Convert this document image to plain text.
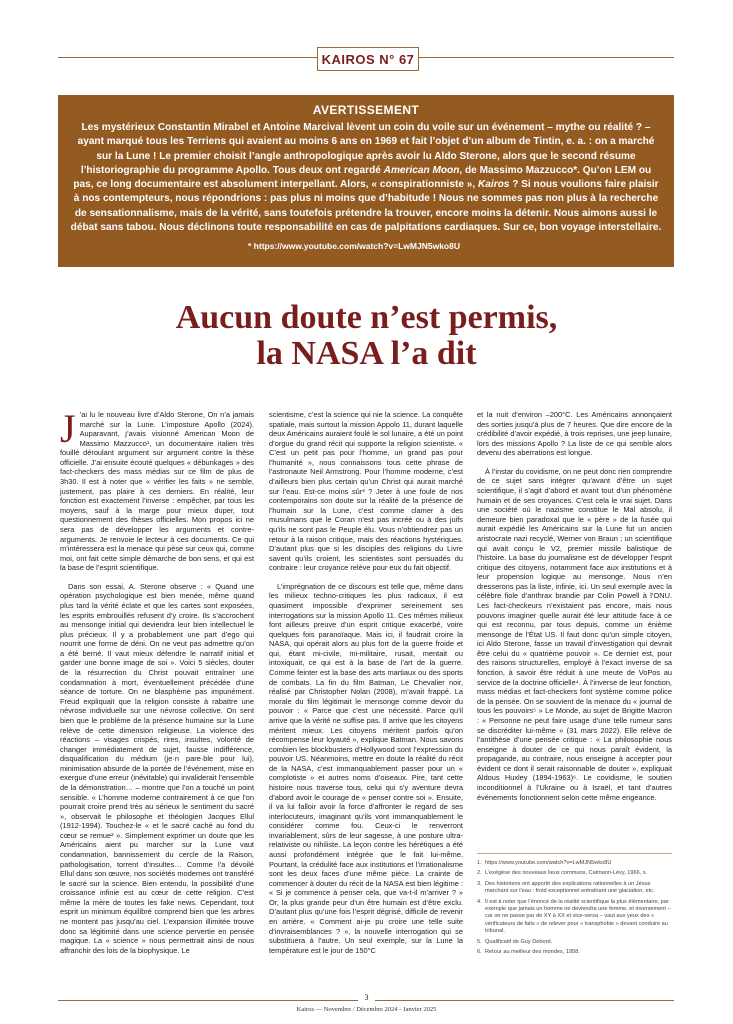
KAIROS N° 67
AVERTISSEMENT
Les mystérieux Constantin Mirabel et Antoine Marcival lèvent un coin du voile sur un événement – mythe ou réalité ? – ayant marqué tous les Terriens qui avaient au moins 6 ans en 1969 et fait l’objet d’un album de Tintin, e. a. : on a marché sur la Lune ! Le premier choisit l’angle anthropologique après avoir lu Aldo Sterone, alors que le second résume l’historiographie du programme Apollo. Tous deux ont regardé American Moon, de Massimo Mazzucco*. Qu’on LEM ou pas, ce long documentaire est absolument interpellant. Alors, « conspirationniste », Kairos ? Si nous voulions faire plaisir à nos contempteurs, nous répondrions : pas plus ni moins que d’habitude ! Nous ne sommes pas non plus à la recherche de sensationnalisme, mais de la vérité, sans toutefois prétendre la trouver, encore moins la détenir. Nous aimons aussi le débat sans tabou. Nous déclinons toute responsabilité en cas de palpitations cardiaques. Sur ce, bon voyage interstellaire.
* https://www.youtube.com/watch?v=LwMJN5wko8U
Aucun doute n’est permis,
la NASA l’a dit

J ’ai lu le nouveau livre d’Aldo Sterone, On n’a jamais marché sur la Lune. L’imposture Apollo (2024). Auparavant, j’avais visionné American Moon de Massimo Mazzucco¹, un documentaire italien très fouillé déroulant argument sur argument contre la thèse officielle. J’ai ensuite écouté quelques « débunkages » des fact-checkers des mass médias sur ce film de plus de 3h30. Il est à noter que « vérifier les faits » ne semble, justement, pas plaire à ces derniers. En réalité, leur fonction est exactement l’inverse : empêcher, par tous les moyens, sauf à la marge pour mieux duper, tout questionnement des thèses officielles. Mon propos ici ne sera pas de développer les arguments et contre-arguments. Je renvoie le lecteur à ces documents. Ce qui m’intéressera est la menace qui pèse sur ceux qui, comme moi, ont fait cette simple démarche de bon sens, et qui est la base de l’esprit scientifique.

Dans son essai, A. Sterone observe : « Quand une opération psychologique est bien menée, même quand plus tard la vérité éclate et que les cartes sont exposées, les esprits embrouillés refusent d’y croire. Ils s’accrochent au mensonge initial qui deviendra leur bien intellectuel le plus précieux. Il y a probablement une part d’ego qui nourrit une forme de déni. On ne veut pas admettre qu’on a été berné. Il vaut mieux défendre le narratif initial et garder une bonne image de soi ». Voici 5 siècles, douter de la résurrection du Christ pouvait entraîner une condamnation à mort, éventuellement précédée d’une séance de torture. On ne blasphème pas impunément. Freud expliquait que la religion consiste à rabattre une névrose individuelle sur une névrose collective. On sent bien que le problème de la présence humaine sur la Lune relève de cette dimension religieuse. La violence des réactions – visages crispés, rires, insultes, volonté de changer immédiatement de sujet, fausse indifférence, disqualification du médium (je·n pare·ble pour lui), minimisation absurde de la portée de l’événement, mise en exergue d’une erreur (inévitable) qui invaliderait l’ensemble de la démonstration… – montre que l’on a touché un point sensible. « L’homme moderne contrairement à ce que l’on pourrait croire prend très au sérieux le sentiment du sacré », observait le philosophe et théologien Jacques Ellul (1912-1994). Touchez-le « et le sacré caché au fond du cœur se remue² ». Simplement exprimer un doute que les Américains aient pu marcher sur la Lune vaut condamnation, bannissement du cercle de la Raison, pathologisation, torrent d’insultes… Comme l’a dévoilé Ellul dans son œuvre, nos sociétés modernes ont transféré le sacré sur la science. Bien entendu, la possibilité d’une croissance infinie est au cœur de cette religion. C’est même la mère de toutes les fake news. Cependant, tout esprit un minimum équilibré comprend bien que les arbres ne montent pas jusqu’au ciel. L’expansion illimitée trouve donc sa légitimité dans une science pervertie en pensée magique. La « science » nous permettrait ainsi de nous affranchir des lois de la biophysique. Le

scientisme, c’est la science qui nie la science. La conquête spatiale, mais surtout la mission Appolo 11, durant laquelle deux Américains auraient foulé le sol lunaire, a été un point d’orgue du grand récit qui supporte la religion scientiste. « C’est un petit pas pour l’homme, un grand pas pour l’humanité », nous connaissons tous cette phrase de l’astronaute Neil Armstrong. Pour l’homme moderne, c’est d’ailleurs bien plus certain qu’un Christ qui aurait marché sur l’eau. Est-ce moins sûr³ ? Jeter à une foule de nos contemporains son doute sur la réalité de la présence de l’humain sur la Lune, c’est comme clamer à des musulmans que le Coran n’est pas incréé ou à des juifs qu’ils ne sont pas le Peuple élu. Vous n’obtiendrez pas un retour à la raison critique, mais des réactions hystériques. D’autant plus que si les disciples des religions du Livre savent qu’ils croient, les scientistes sont persuadés du contraire : leur croyance relève pour eux du fait objectif.

L’imprégnation de ce discours est telle que, même dans les milieux techno-critiques les plus radicaux, il est quasiment impossible d’exprimer sereinement ses interrogations sur la mission Apollo 11. Ces mêmes milieux font ailleurs preuve d’un esprit critique exacerbé, voire quelques fois paranoïaque. Mais ici, il faudrait croire la NASA, qui opérait alors au plus fort de la guerre froide et qui, étant mi-civile, mi-militaire, rusait, mentait ou intoxiquait, ce qui est à la base de l’art de la guerre. Comme feinter est la base des arts martiaux ou des sports de combats. La fin du film Batman, Le Chevalier noir, réalisé par Christopher Nolan (2008), m’avait frappé. La morale du film légitimait le mensonge comme devoir du pouvoir : « Parce que c’est une nécessité. Parce qu’il arrive que la vérité ne suffise pas. Il arrive que les citoyens méritent mieux. Les citoyens méritent parfois qu’on récompense leur loyauté », explique Batman. Nous savons combien les blockbusters d’Hollywood sont l’expression du pouvoir US. Néanmoins, mettre en doute la réalité du récit de la NASA, c’est immanquablement passer pour un « complotiste » et autres noms d’oiseaux. Pire, tant cette histoire nous traverse tous, celui qui s’y aventure devra d’abord avoir le courage de « penser contre soi ». Ensuite, il va lui falloir avoir la force d’affronter le regard de ses interlocuteurs, imaginant qu’ils vont immanquablement le considérer comme fou. Ceux-ci le renverront invariablement, sûrs de leur sagesse, à une posture ultra-relativiste ou nihiliste. La leçon contre les hérétiques a été aussi profondément intégrée que le fait lui-même. Pourtant, la crédulité face aux institutions et l’irrationalisme sont les deux faces d’une même pièce. La crainte de commencer à douter du récit de la NASA est bien légitime : « Si je commence à penser cela, que va-t-il m’arriver ? » Or, la plus grande peur d’un être humain est d’être exclu. D’autant plus qu’une fois l’esprit dégrisé, difficile de revenir en arrière. « Comment ai-je pu croire une telle suite d’invraisemblances ? », la nouvelle interrogation qui se substituera à l’autre. Un seul exemple, sur la Lune la température est le jour de 150°C

et la nuit d’environ –200°C. Les Américains annonçaient des sorties jusqu’à plus de 7 heures. Que dire encore de la crédibilité d’avoir expédié, à trois reprises, une jeep lunaire, lors des missions Apollo ? La liste de ce qui semble alors devenu des aberrations est longue.

À l’instar du covidisme, on ne peut donc rien comprendre de ce sujet sans intégrer qu’avant d’être un sujet scientifique, il s’agit d’abord et avant tout d’un phénomène humain et de ses croyances. C’est cela le vrai sujet. Dans une société où le nazisme constitue le Mal absolu, il demeure bien paradoxal que le « père » de la fusée qui aurait expédié les Américains sur la Lune fut un ancien aristocrate nazi recyclé, Werner von Braun ; un scientifique qui avait conçu le V2, premier missile balistique de l’histoire. La base du journalisme est de développer l’esprit critique des citoyens, notamment face aux institutions et à leur propension logique au mensonge. Nous n’en dresserons pas la liste, infinie, ici. Un seul exemple avec la célèbre fiole d’anthrax brandie par Colin Powell à l’ONU. Les fact-checkeurs n’existaient pas encore, mais nous pouvons imaginer quelle aurait été leur attitude face à ce qui est reconnu, par tous depuis, comme un énième mensonge de l’État US. Il faut donc qu’un simple citoyen, ici Aldo Sterone, fasse un travail d’investigation qui devrait être celui du « quatrième pouvoir ». Ce dernier est, pour des raisons structurelles, employé à l’exact inverse de sa fonction, à savoir être réduit à une meute de VoPos au service de la doctrine officielle⁴. À l’inverse de leur fonction, mass médias et fact-checkers font système comme police de la pensée. On se souvient de la menace du « journal de tous les pouvoirs⁵ » Le Monde, au sujet de Brigitte Macron : « Personne ne peut faire usage d’une telle rumeur sans se discréditer lui-même » (31 mars 2022). Elle relève de l’antithèse d’une pensée critique : « La philosophie nous enseigne à douter de ce qui nous paraît évident, la propagande, au contraire, nous enseigne à accepter pour évident ce dont il serait raisonnable de douter », expliquait Aldous Huxley (1894-1963)⁶. Le covidisme, le soutien inconditionnel à l’Ukraine ou à Israël, et tant d’autres événements fonctionnent selon cette même engeance.

1. https://www.youtube.com/watch?v=LwMJN5wko8U
2. L’exégèse des nouveaux lieux communs, Calmann-Lévy, 1966, s.
3. Des historiens ont apporté des explications rationnelles à un Jésus marchant sur l’eau : froid exceptionnel entraînant une glaciation, etc.
4. Il est à noter que l’énoncé de la réalité scientifique la plus élémentaire, par exemple que jamais un homme ne deviendra une femme, et inversement – car on ne passe par de XY à XX et vice-versa – vaut aux yeux des « vérificateurs de faits » de relever pour « transphobie » devant conduire au tribunal.
5. Qualificatif de Guy Debord.
6. Retour au meilleur des mondes, 1958.
3
Kairos — Novembre / Décembre 2024 - Janvier 2025
